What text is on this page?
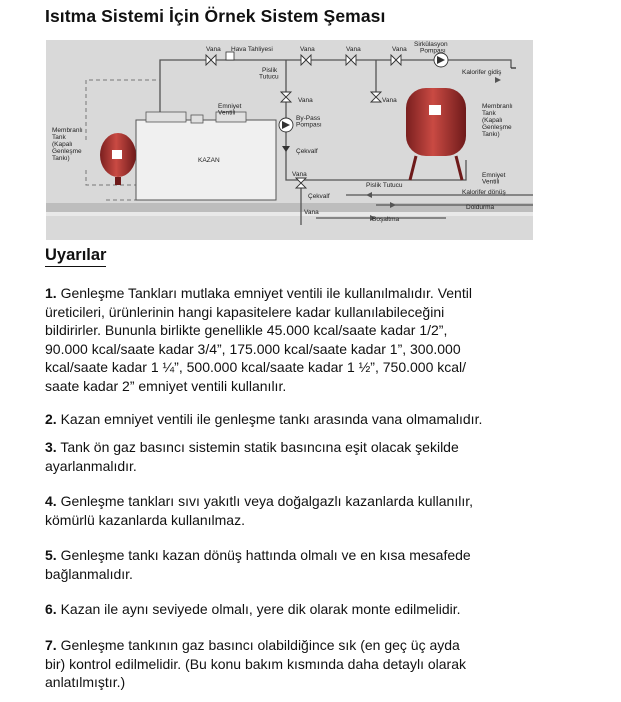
Isıtma Sistemi İçin Örnek Sistem Şeması
Vana Hava Tahliyesi	Vana	Vana	Vana
Sirkülasyon Pompası
Pislik Tutucu
Kalorifer gidiş
Vana	Vana
Emniyet Ventili
By-Pass Pompası
Membranlı Tank (Kapalı Genleşme Tankı)
Membranlı Tank (Kapalı Genleşme Tankı)
KAZAN
Çekvalf
Vana
Pislik Tutucu
Emniyet Ventili
Çekvalf
Kalorifer dönüş
Vana
Doldurma
Boşaltma
Uyarılar
1. Genleşme Tankları mutlaka emniyet ventili ile kullanılmalıdır. Ventil
üreticileri, ürünlerinin hangi kapasitelere kadar kullanılabileceğini
bildirirler. Bununla birlikte genellikle 45.000 kcal/saate kadar 1/2”,
90.000 kcal/saate kadar 3/4”, 175.000 kcal/saate kadar 1”, 300.000
kcal/saate kadar 1 ¼”, 500.000 kcal/saate kadar 1 ½”, 750.000 kcal/
saate kadar 2” emniyet ventili kullanılır.
2. Kazan emniyet ventili ile genleşme tankı arasında vana olmamalıdır.
3. Tank ön gaz basıncı sistemin statik basıncına eşit olacak şekilde
ayarlanmalıdır.
4. Genleşme tankları sıvı yakıtlı veya doğalgazlı kazanlarda kullanılır,
kömürlü kazanlarda kullanılmaz.
5. Genleşme tankı kazan dönüş hattında olmalı ve en kısa mesafede
bağlanmalıdır.
6. Kazan ile aynı seviyede olmalı, yere dik olarak monte edilmelidir.
7. Genleşme tankının gaz basıncı olabildiğince sık (en geç üç ayda
bir) kontrol edilmelidir. (Bu konu bakım kısmında daha detaylı olarak
anlatılmıştır.)
